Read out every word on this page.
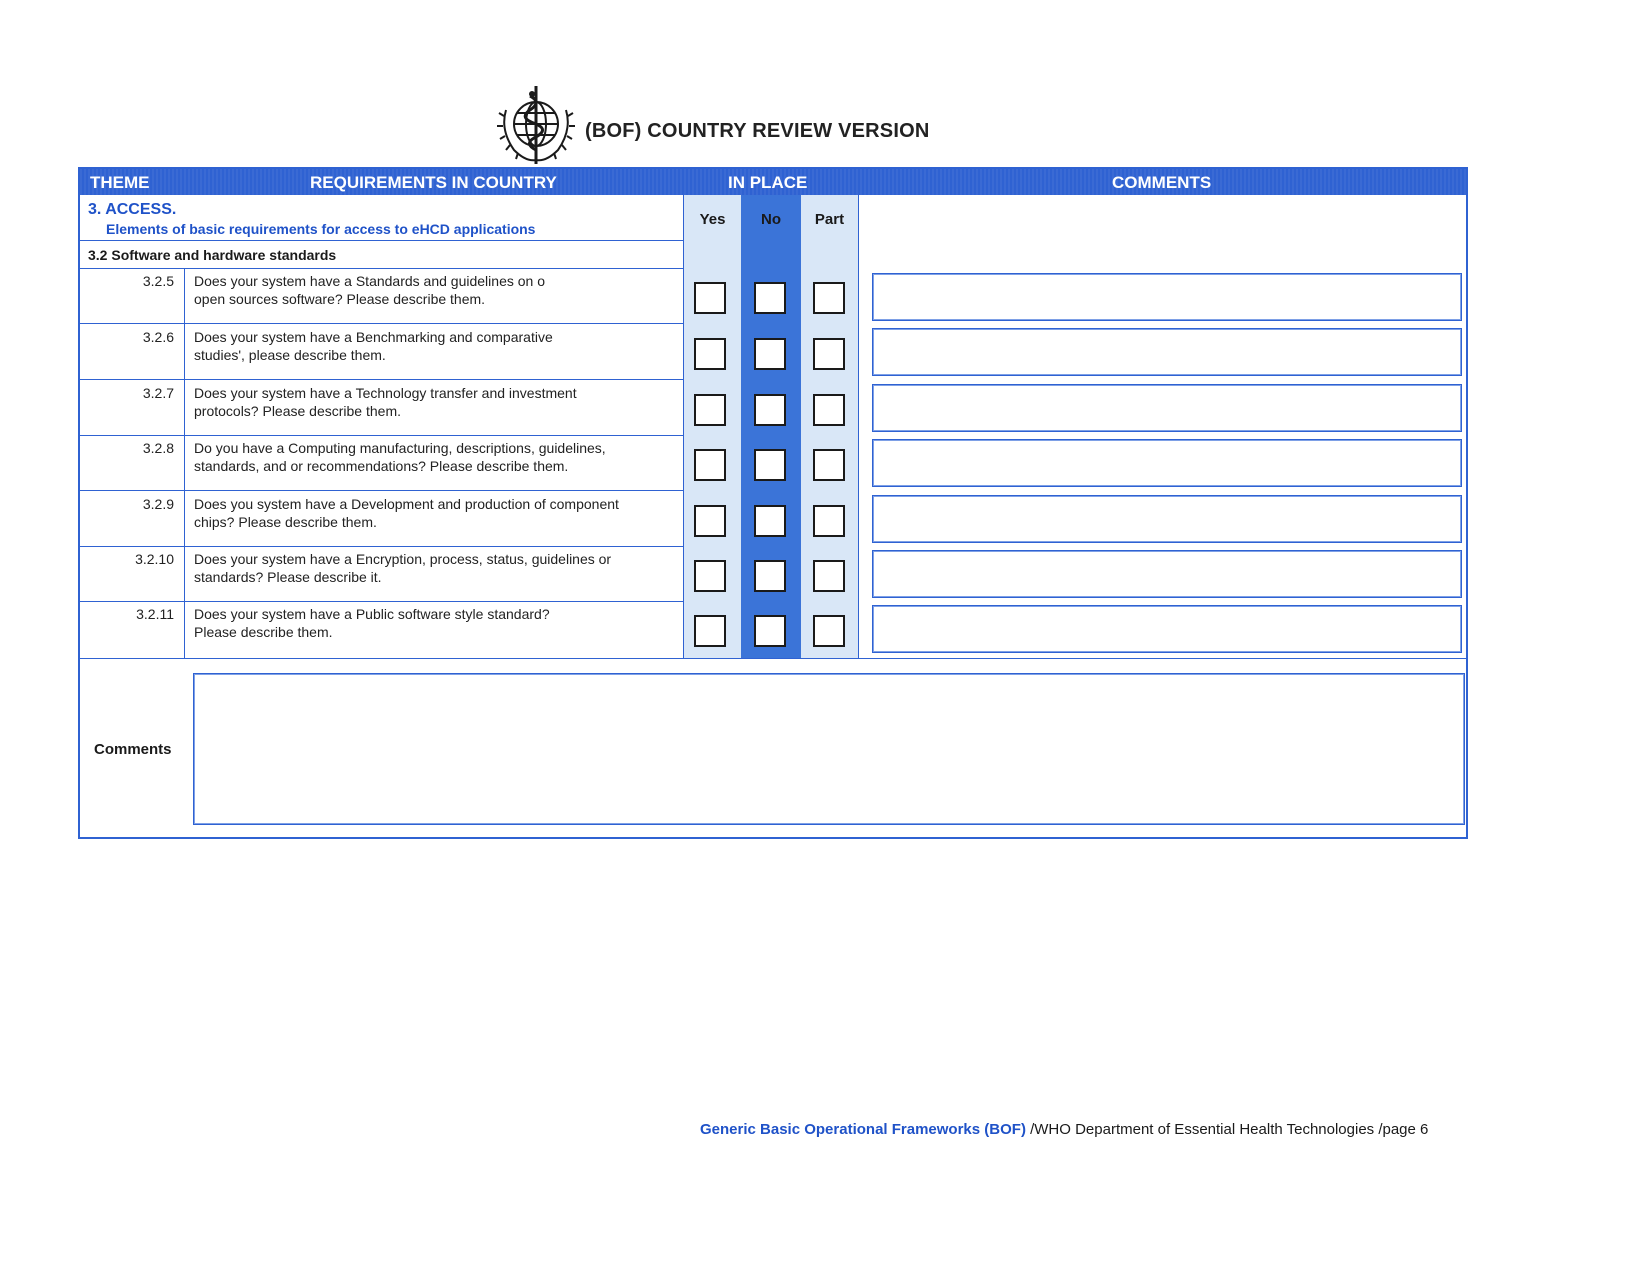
(BOF) COUNTRY REVIEW VERSION
THEME	REQUIREMENTS IN COUNTRY	IN PLACE	COMMENTS
Yes	No	Part
3. ACCESS.
Elements of basic requirements for access to eHCD applications
3.2 Software and hardware standards
3.2.5 Does your system have a Standards and guidelines on o
open sources software? Please describe them.
3.2.6 Does your system have a Benchmarking and comparative
studies', please describe them.
3.2.7 Does your system have a Technology transfer and investment
protocols? Please describe them.
3.2.8 Do you have a Computing manufacturing, descriptions, guidelines,
standards, and or recommendations? Please describe them.
3.2.9 Does you system have a Development and production of component
chips? Please describe them.
3.2.10 Does your system have a Encryption, process, status, guidelines or
standards? Please describe it.
3.2.11 Does your system have a Public software style standard?
Please describe them.
Comments
Generic Basic Operational Frameworks (BOF) /WHO Department of Essential Health Technologies /page 6
